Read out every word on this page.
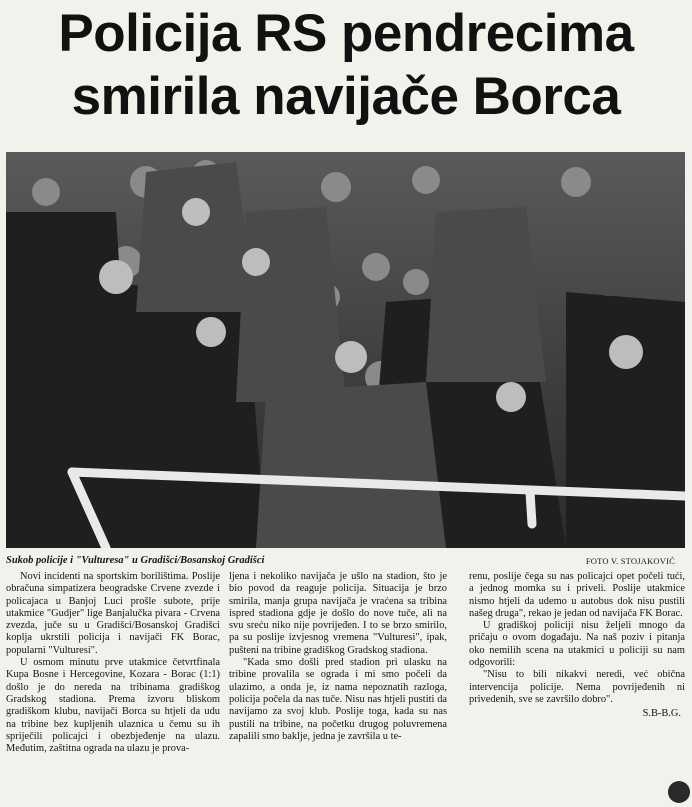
Policija RS pendrecima
smirila navijače Borca
Sukob policije i "Vulturesa" u Gradišci/Bosanskoj Gradišci	FOTO V. STOJAKOVIĆ

Novi incidenti na sportskim borilištima. Poslije obračuna simpatizera beogradske Crvene zvezde i policajaca u Banjoj Luci prošle subote, prije utakmice "Gudjer" lige Banjalučka pivara - Crvena zvezda, juče su u Gradišci/Bosanskoj Gradišci koplja ukrstili policija i navijači FK Borac, popularni "Vulturesi".

U osmom minutu prve utakmice četvrtfinala Kupa Bosne i Hercegovine, Kozara - Borac (1:1) došlo je do nereda na tribinama gradiškog Gradskog stadiona. Prema izvoru bliskom gradiškom klubu, navijači Borca su htjeli da udu na tribine bez kupljenih ulaznica u čemu su ih spriječili policajci i obezbjeđenje na ulazu. Međutim, zaštitna ograda na ulazu je prova-

ljena i nekoliko navijača je ušlo na stadion, što je bio povod da reaguje policija. Situacija je brzo smirila, manja grupa navijača je vraćena sa tribina ispred stadiona gdje je došlo do nove tuče, ali na svu sreću niko nije povrijeđen. I to se brzo smirilo, pa su poslije izvjesnog vremena "Vulturesi", ipak, pušteni na tribine gradiškog Gradskog stadiona.

"Kada smo došli pred stadion pri ulasku na tribine provalila se ograda i mi smo počeli da ulazimo, a onda je, iz nama nepoznatih razloga, policija počela da nas tuče. Nisu nas htjeli pustiti da navijamo za svoj klub. Poslije toga, kada su nas pustili na tribine, na početku drugog poluvremena zapalili smo baklje, jedna je završila u te-

renu, poslije čega su nas policajci opet počeli tući, a jednog momka su i priveli. Poslije utakmice nismo htjeli da udemo u autobus dok nisu pustili našeg druga", rekao je jedan od navijača FK Borac.

U gradiškoj policiji nisu željeli mnogo da pričaju o ovom događaju. Na naš poziv i pitanja oko nemilih scena na utakmici u policiji su nam odgovorili:

"Nisu to bili nikakvi neredi, već obična intervencija policije. Nema povrijeđenih ni privedenih, sve se završilo dobro".

S.B-B.G.
